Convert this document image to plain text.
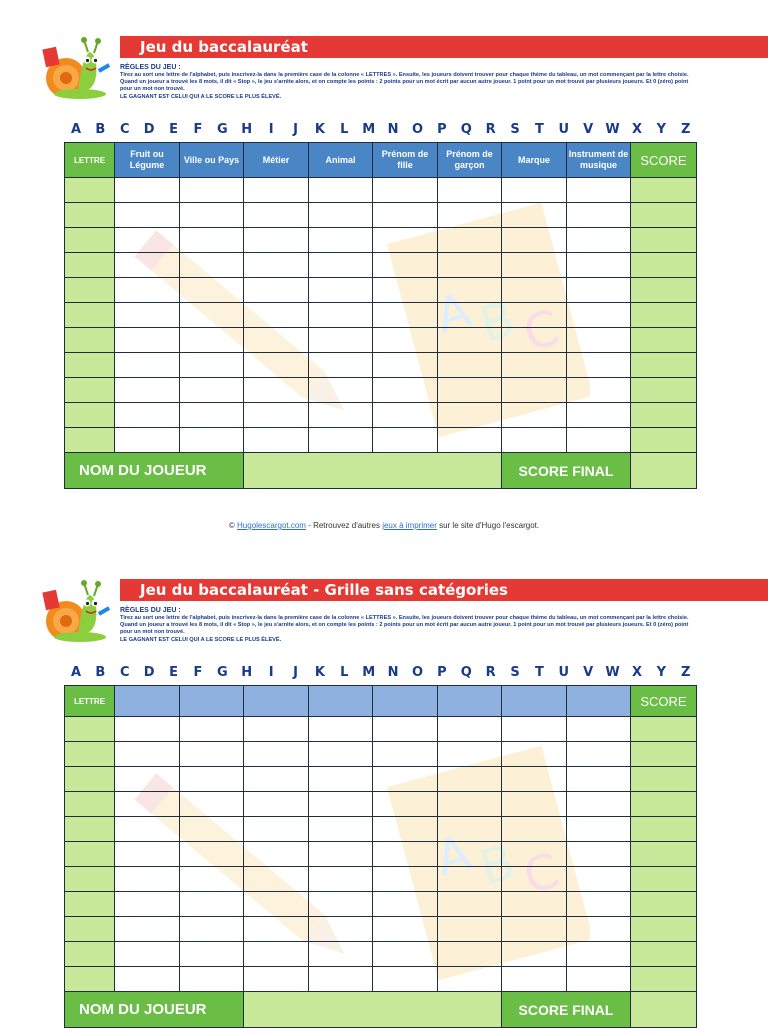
Jeu du baccalauréat
RÈGLES DU JEU :
Tirez au sort une lettre de l'alphabet, puis inscrivez-la dans la première case de la colonne « LETTRES ». Ensuite, les joueurs doivent trouver pour chaque thème du tableau, un mot commençant par la lettre choisie. Quand un joueur a trouvé les 8 mots, il dit « Stop », le jeu s'arrête alors, et on compte les points : 2 points pour un mot écrit par aucun autre joueur. 1 point pour un mot trouvé par plusieurs joueurs. Et 0 (zéro) point pour un mot non trouvé.
LE GAGNANT EST CELUI QUI A LE SCORE LE PLUS ÉLEVÉ.
A	B	C	D	E	F	G	H	I	J	K	L	M N	O	P	Q	R	S	T	U	V W X	Y	Z
A
B
C
LETTRE	Fruit ou Légume	Ville ou Pays	Métier	Animal	Prénom de fille	Prénom de garçon	Marque	Instrument de musique	SCORE

NOM DU JOUEUR							SCORE FINAL		
© Hugolescargot.com - Retrouvez d'autres jeux à imprimer sur le site d'Hugo l'escargot.
Jeu du baccalauréat - Grille sans catégories
RÈGLES DU JEU :
Tirez au sort une lettre de l'alphabet, puis inscrivez-la dans la première case de la colonne « LETTRES ». Ensuite, les joueurs doivent trouver pour chaque thème du tableau, un mot commençant par la lettre choisie. Quand un joueur a trouvé les 8 mots, il dit « Stop », le jeu s'arrête alors, et on compte les points : 2 points pour un mot écrit par aucun autre joueur. 1 point pour un mot trouvé par plusieurs joueurs. Et 0 (zéro) point pour un mot non trouvé.
LE GAGNANT EST CELUI QUI A LE SCORE LE PLUS ÉLEVÉ.
A	B	C	D	E	F	G	H	I	J	K	L	M N	O	P	Q	R	S	T	U	V W X	Y	Z
A
B
C
LETTRE									SCORE

NOM DU JOUEUR							SCORE FINAL		
